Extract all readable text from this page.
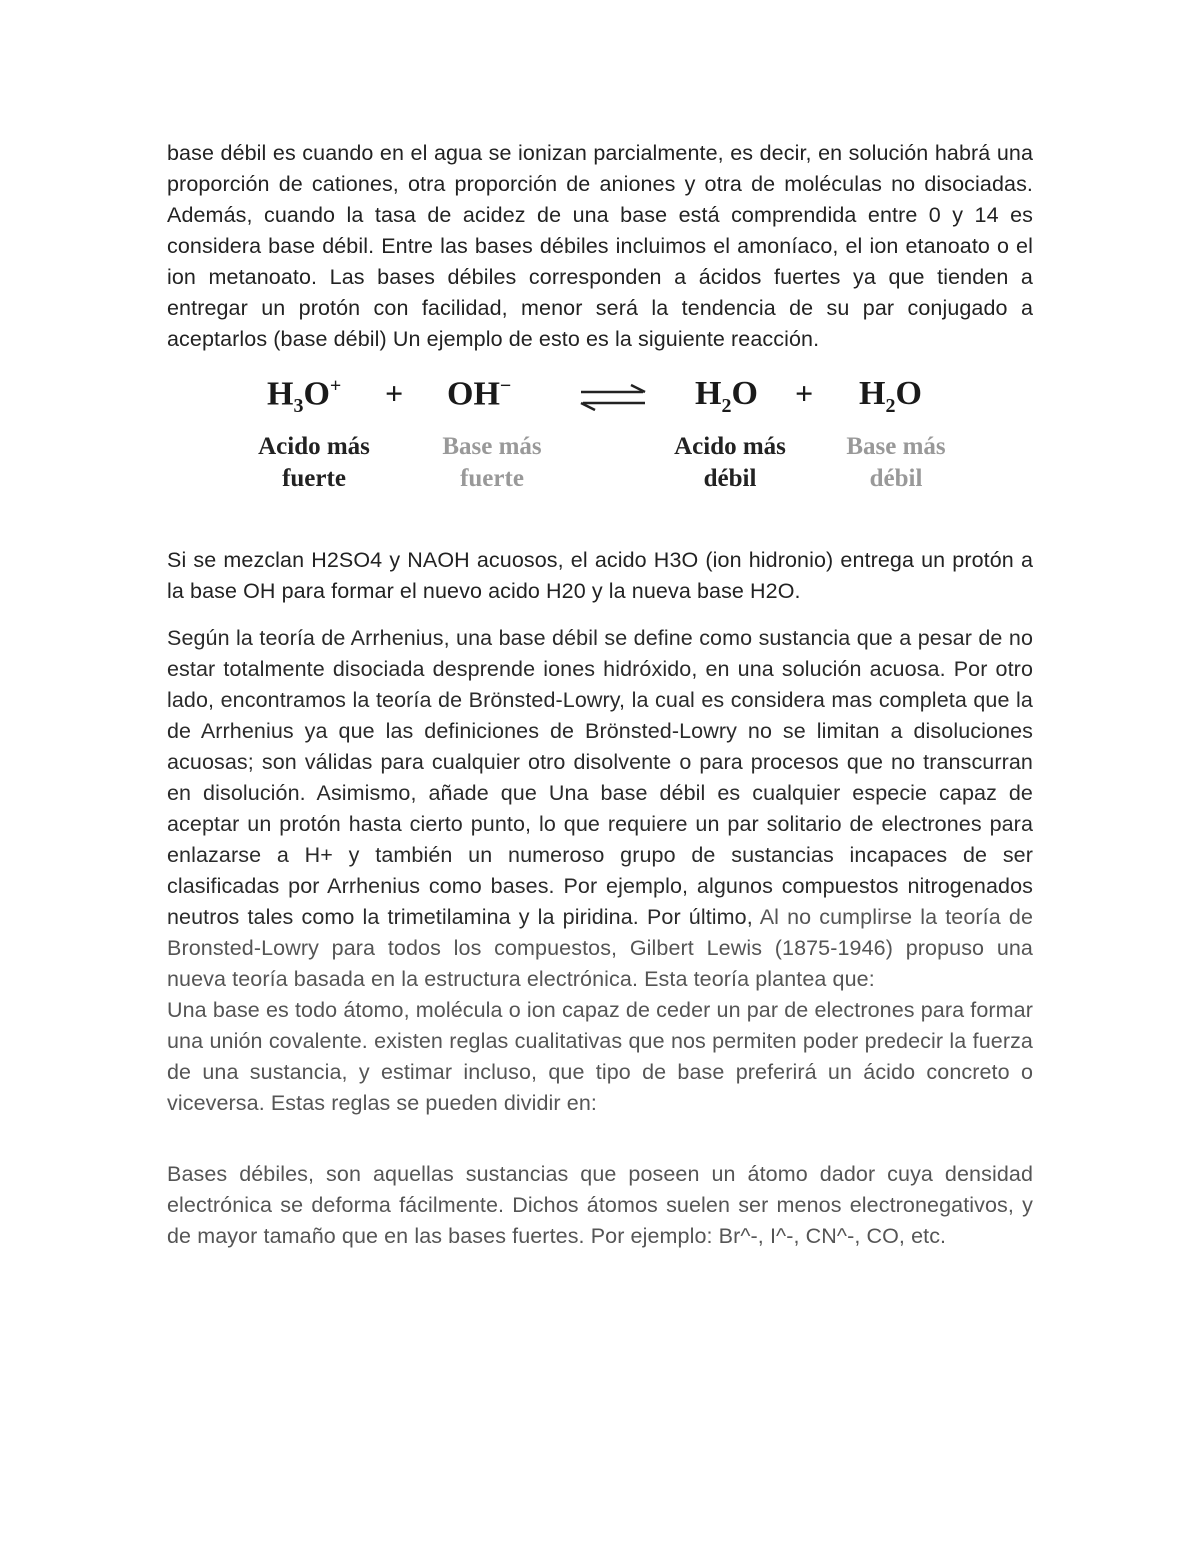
base débil es cuando en el agua se ionizan parcialmente, es decir, en solución habrá una proporción de cationes, otra proporción de aniones y otra de moléculas no disociadas. Además, cuando la tasa de acidez de una base está comprendida entre 0 y 14 es considera base débil. Entre las bases débiles incluimos el amoníaco, el ion etanoato o el ion metanoato. Las bases débiles corresponden a ácidos fuertes ya que tienden a entregar un protón con facilidad, menor será la tendencia de su par conjugado a aceptarlos (base débil) Un ejemplo de esto es la siguiente reacción.

$H_3O^+ + OH^-$	$H_2O + H_2O$
Acido más
fuerte
Base más
fuerte
Acido más
débil
Base más
débil

Si se mezclan H2SO4 y NAOH acuosos, el acido H3O (ion hidronio) entrega un protón a la base OH para formar el nuevo acido H20 y la nueva base H2O.

Según la teoría de Arrhenius, una base débil se define como sustancia que a pesar de no estar totalmente disociada desprende iones hidróxido, en una solución acuosa. Por otro lado, encontramos la teoría de Brönsted-Lowry, la cual es considera mas completa que la de Arrhenius ya que las definiciones de Brönsted-Lowry no se limitan a disoluciones acuosas; son válidas para cualquier otro disolvente o para procesos que no transcurran en disolución. Asimismo, añade que Una base débil es cualquier especie capaz de aceptar un protón hasta cierto punto, lo que requiere un par solitario de electrones para enlazarse a H+ y también un numeroso grupo de sustancias incapaces de ser clasificadas por Arrhenius como bases. Por ejemplo, algunos compuestos nitrogenados neutros tales como la trimetilamina y la piridina. Por último, Al no cumplirse la teoría de Bronsted-Lowry para todos los compuestos, Gilbert Lewis (1875-1946) propuso una nueva teoría basada en la estructura electrónica. Esta teoría plantea que:

Una base es todo átomo, molécula o ion capaz de ceder un par de electrones para formar una unión covalente. existen reglas cualitativas que nos permiten poder predecir la fuerza de una sustancia, y estimar incluso, que tipo de base preferirá un ácido concreto o viceversa. Estas reglas se pueden dividir en:

Bases débiles, son aquellas sustancias que poseen un átomo dador cuya densidad electrónica se deforma fácilmente. Dichos átomos suelen ser menos electronegativos, y de mayor tamaño que en las bases fuertes. Por ejemplo: Br^-, I^-, CN^-, CO, etc.
